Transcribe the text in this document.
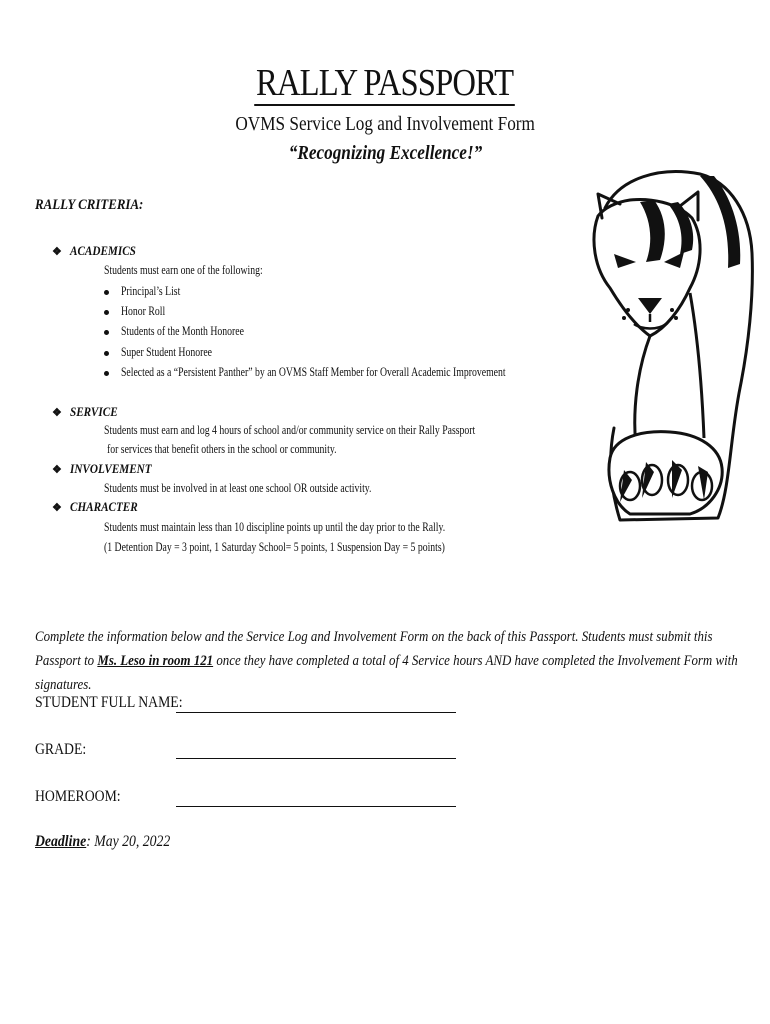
RALLY PASSPORT
OVMS Service Log and Involvement Form
“Recognizing Excellence!”
RALLY CRITERIA:
❖ ACADEMICS
Students must earn one of the following:
Principal’s List
Honor Roll
Students of the Month Honoree
Super Student Honoree
Selected as a “Persistent Panther” by an OVMS Staff Member for Overall Academic Improvement
❖ SERVICE
Students must earn and log 4 hours of school and/or community service on their Rally Passport
for services that benefit others in the school or community.
❖ INVOLVEMENT
Students must be involved in at least one school OR outside activity.
❖ CHARACTER
Students must maintain less than 10 discipline points up until the day prior to the Rally.
(1 Detention Day = 3 point, 1 Saturday School= 5 points, 1 Suspension Day = 5 points)
Complete the information below and the Service Log and Involvement Form on the back of this Passport. Students must submit this Passport to Ms. Leso in room 121 once they have completed a total of 4 Service hours AND have completed the Involvement Form with signatures.
STUDENT FULL NAME:
GRADE:
HOMEROOM:
Deadline: May 20, 2022
